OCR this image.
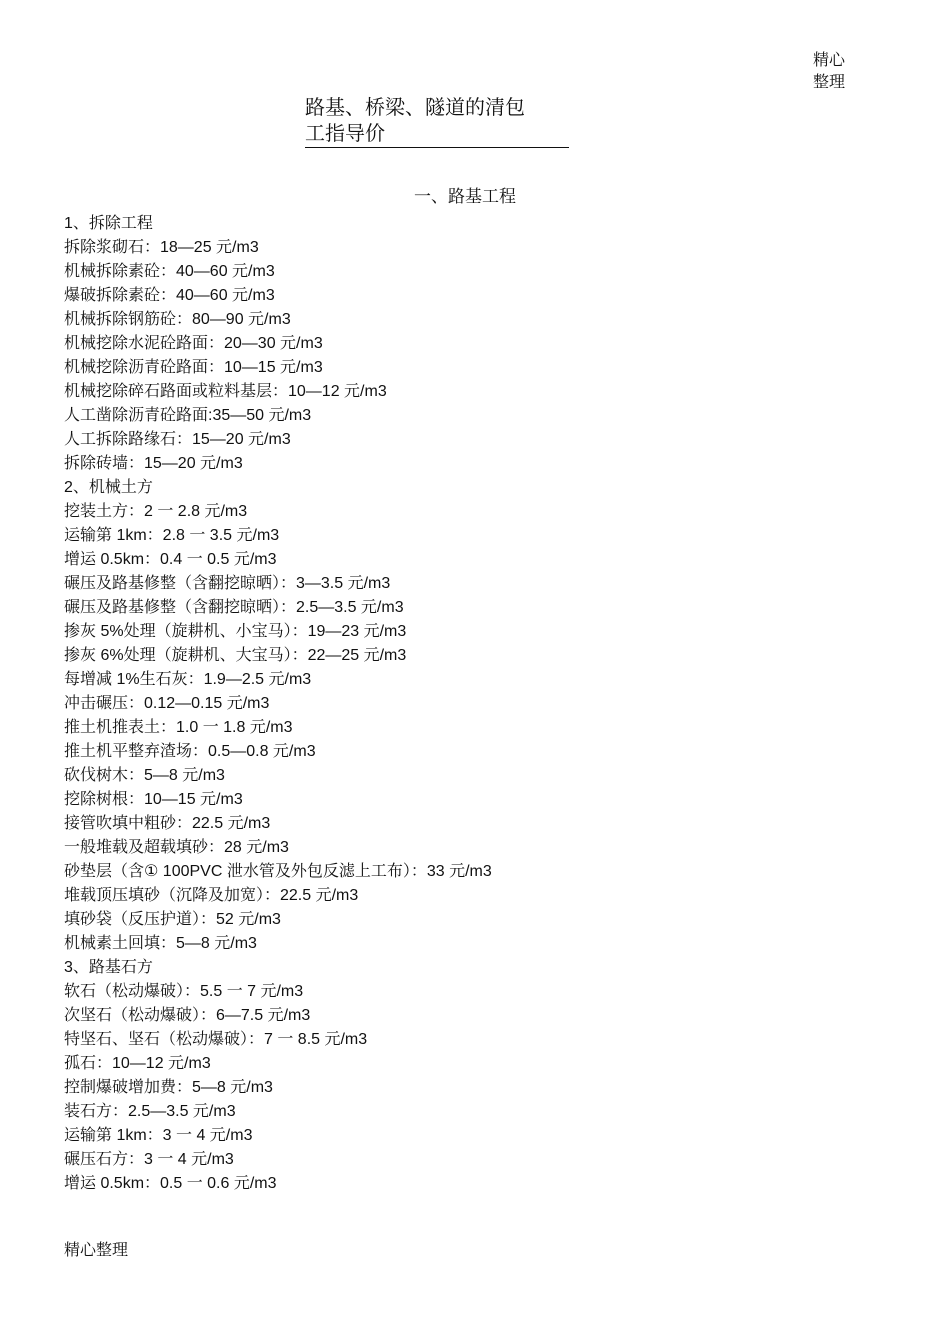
精心
整理
路基、桥梁、隧道的清包
工指导价
一、路基工程
1、拆除工程
拆除浆砌石：18—25 元/m3
机械拆除素砼：40—60 元/m3
爆破拆除素砼：40—60 元/m3
机械拆除钢筋砼：80—90 元/m3
机械挖除水泥砼路面：20—30 元/m3
机械挖除沥青砼路面：10—15 元/m3
机械挖除碎石路面或粒料基层：10—12 元/m3
人工凿除沥青砼路面:35—50 元/m3
人工拆除路缘石：15—20 元/m3
拆除砖墙：15—20 元/m3
2、机械土方
挖装土方：2 一 2.8 元/m3
运输第 1km：2.8 一 3.5 元/m3
增运 0.5km：0.4 一 0.5 元/m3
碾压及路基修整（含翻挖晾晒）：3—3.5 元/m3
碾压及路基修整（含翻挖晾晒）：2.5—3.5 元/m3
掺灰 5%处理（旋耕机、小宝马）：19—23 元/m3
掺灰 6%处理（旋耕机、大宝马）：22—25 元/m3
每增减 1%生石灰：1.9—2.5 元/m3
冲击碾压：0.12—0.15 元/m3
推土机推表土：1.0 一 1.8 元/m3
推土机平整弃渣场：0.5—0.8 元/m3
砍伐树木：5—8 元/m3
挖除树根：10—15 元/m3
接管吹填中粗砂：22.5 元/m3
一般堆载及超载填砂：28 元/m3
砂垫层（含① 100PVC 泄水管及外包反滤上工布）：33 元/m3
堆载顶压填砂（沉降及加宽）：22.5 元/m3
填砂袋（反压护道）：52 元/m3
机械素土回填：5—8 元/m3
3、路基石方
软石（松动爆破）：5.5 一 7 元/m3
次坚石（松动爆破）：6—7.5 元/m3
特坚石、坚石（松动爆破）：7 一 8.5 元/m3
孤石：10—12 元/m3
控制爆破增加费：5—8 元/m3
装石方：2.5—3.5 元/m3
运输第 1km：3 一 4 元/m3
碾压石方：3 一 4 元/m3
增运 0.5km：0.5 一 0.6 元/m3
精心整理
